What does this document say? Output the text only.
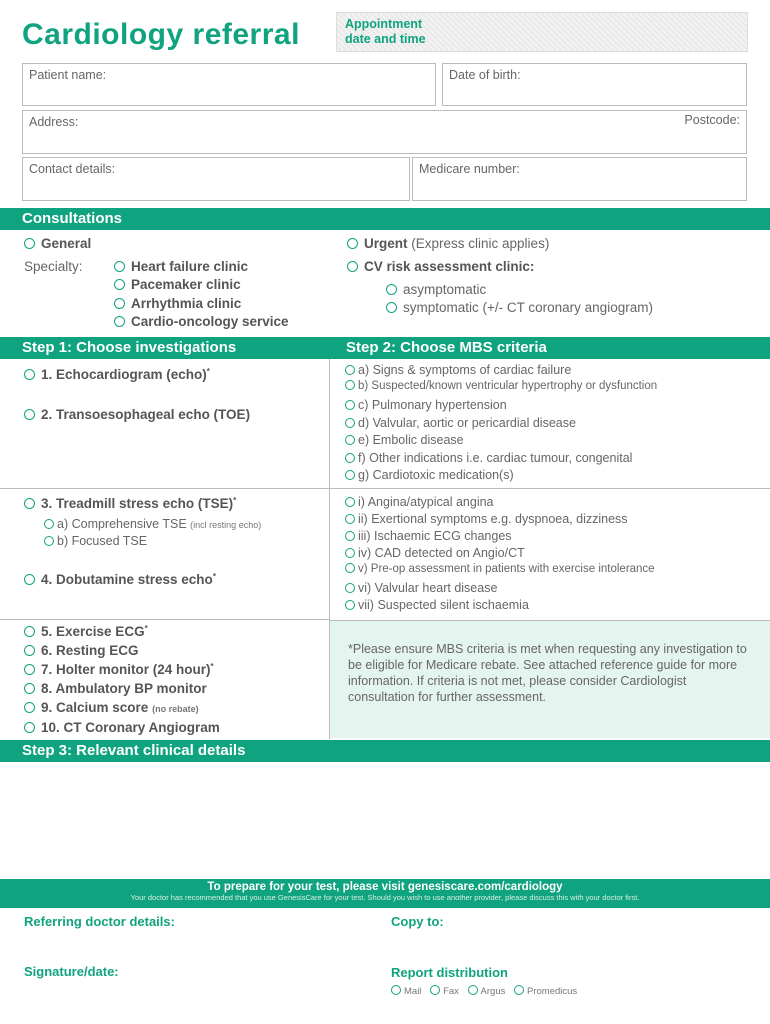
Cardiology referral	Appointment
date and time
Patient name:	Date of birth:
Address:	Postcode:
Contact details:	Medicare number:
Consultations
General
Specialty:	Heart failure clinic
Pacemaker clinic
Arrhythmia clinic
Cardio-oncology service
Urgent (Express clinic applies)
CV risk assessment clinic:
asymptomatic
symptomatic (+/- CT coronary angiogram)
Step 1: Choose investigations	Step 2: Choose MBS criteria
1. Echocardiogram (echo)*
2. Transoesophageal echo (TOE)
a) Signs & symptoms of cardiac failure
b) Suspected/known ventricular hypertrophy or dysfunction
c) Pulmonary hypertension
d) Valvular, aortic or pericardial disease
e) Embolic disease
f) Other indications i.e. cardiac tumour, congenital
g) Cardiotoxic medication(s)
3. Treadmill stress echo (TSE)*
a) Comprehensive TSE (incl resting echo)
b) Focused TSE
4. Dobutamine stress echo*
i) Angina/atypical angina
ii) Exertional symptoms e.g. dyspnoea, dizziness
iii) Ischaemic ECG changes
iv) CAD detected on Angio/CT
v) Pre-op assessment in patients with exercise intolerance
vi) Valvular heart disease
vii) Suspected silent ischaemia
5. Exercise ECG*
6. Resting ECG
7. Holter monitor (24 hour)*
8. Ambulatory BP monitor
9. Calcium score (no rebate)
10. CT Coronary Angiogram
*Please ensure MBS criteria is met when requesting any investigation to be eligible for Medicare rebate. See attached reference guide for more information. If criteria is not met, please consider Cardiologist consultation for further assessment.
Step 3: Relevant clinical details
To prepare for your test, please visit genesiscare.com/cardiology
Your doctor has recommended that you use GenesisCare for your test. Should you wish to use another provider, please discuss this with your doctor first.
Referring doctor details:	Copy to:
Signature/date:	Report distribution
Mail Fax Argus Promedicus
